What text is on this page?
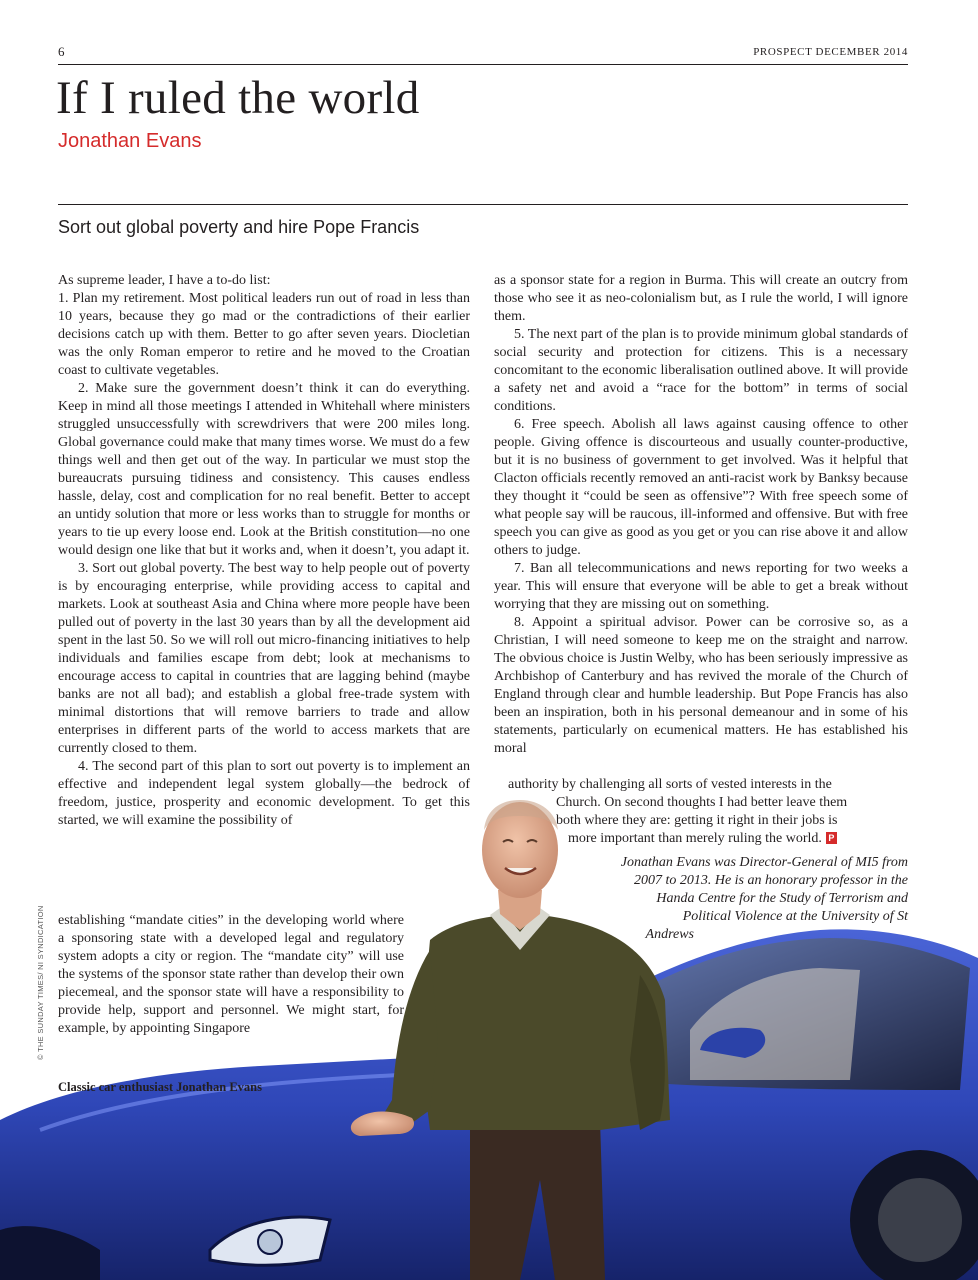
6	PROSPECT DECEMBER 2014
If I ruled the world
Jonathan Evans
Sort out global poverty and hire Pope Francis

As supreme leader, I have a to-do list:

1. Plan my retirement. Most political leaders run out of road in less than 10 years, because they go mad or the contradictions of their earlier decisions catch up with them. Better to go after seven years. Diocletian was the only Roman emperor to retire and he moved to the Croatian coast to cultivate vegetables.

2. Make sure the government doesn’t think it can do everything. Keep in mind all those meetings I attended in Whitehall where ministers struggled unsuccessfully with screwdrivers that were 200 miles long. Global governance could make that many times worse. We must do a few things well and then get out of the way. In particular we must stop the bureaucrats pursuing tidiness and consistency. This causes endless hassle, delay, cost and complication for no real benefit. Better to accept an untidy solution that more or less works than to struggle for months or years to tie up every loose end. Look at the British constitution—no one would design one like that but it works and, when it doesn’t, you adapt it.

3. Sort out global poverty. The best way to help people out of poverty is by encouraging enterprise, while providing access to capital and markets. Look at southeast Asia and China where more people have been pulled out of poverty in the last 30 years than by all the development aid spent in the last 50. So we will roll out micro-financing initiatives to help individuals and families escape from debt; look at mechanisms to encourage access to capital in countries that are lagging behind (maybe banks are not all bad); and establish a global free-trade system with minimal distortions that will remove barriers to trade and allow enterprises in different parts of the world to access markets that are currently closed to them.

4. The second part of this plan to sort out poverty is to implement an effective and independent legal system globally—the bedrock of freedom, justice, prosperity and economic development. To get this started, we will examine the possibility of

establishing “mandate cities” in the developing world where a sponsoring state with a developed legal and regulatory system adopts a city or region. The “mandate city” will use the systems of the sponsor state rather than develop their own piecemeal, and the sponsor state will have a responsibility to provide help, support and personnel. We might start, for example, by appointing Singapore

as a sponsor state for a region in Burma. This will create an outcry from those who see it as neo-colonialism but, as I rule the world, I will ignore them.

5. The next part of the plan is to provide minimum global standards of social security and protection for citizens. This is a necessary concomitant to the economic liberalisation outlined above. It will provide a safety net and avoid a “race for the bottom” in terms of social conditions.

6. Free speech. Abolish all laws against causing offence to other people. Giving offence is discourteous and usually counter-productive, but it is no business of government to get involved. Was it helpful that Clacton officials recently removed an anti-racist work by Banksy because they thought it “could be seen as offensive”? With free speech some of what people say will be raucous, ill-informed and offensive. But with free speech you can give as good as you get or you can rise above it and allow others to judge.

7. Ban all telecommunications and news reporting for two weeks a year. This will ensure that everyone will be able to get a break without worrying that they are missing out on something.

8. Appoint a spiritual advisor. Power can be corrosive so, as a Christian, I will need someone to keep me on the straight and narrow. The obvious choice is Justin Welby, who has been seriously impressive as Archbishop of Canterbury and has revived the morale of the Church of England through clear and humble leadership. But Pope Francis has also been an inspiration, both in his personal demeanour and in some of his statements, particularly on ecumenical matters. He has established his moral

authority by challenging all sorts of vested interests in the

Church. On second thoughts I had better leave them

both where they are: getting it right in their jobs is

more important than merely ruling the world. P

Jonathan Evans was Director-General of MI5 from
2007 to 2013. He is an honorary professor in the
Handa Centre for the Study of Terrorism and
Political Violence at the University of St
Andrews
Classic car enthusiast Jonathan Evans
© THE SUNDAY TIMES/ NI SYNDICATION
